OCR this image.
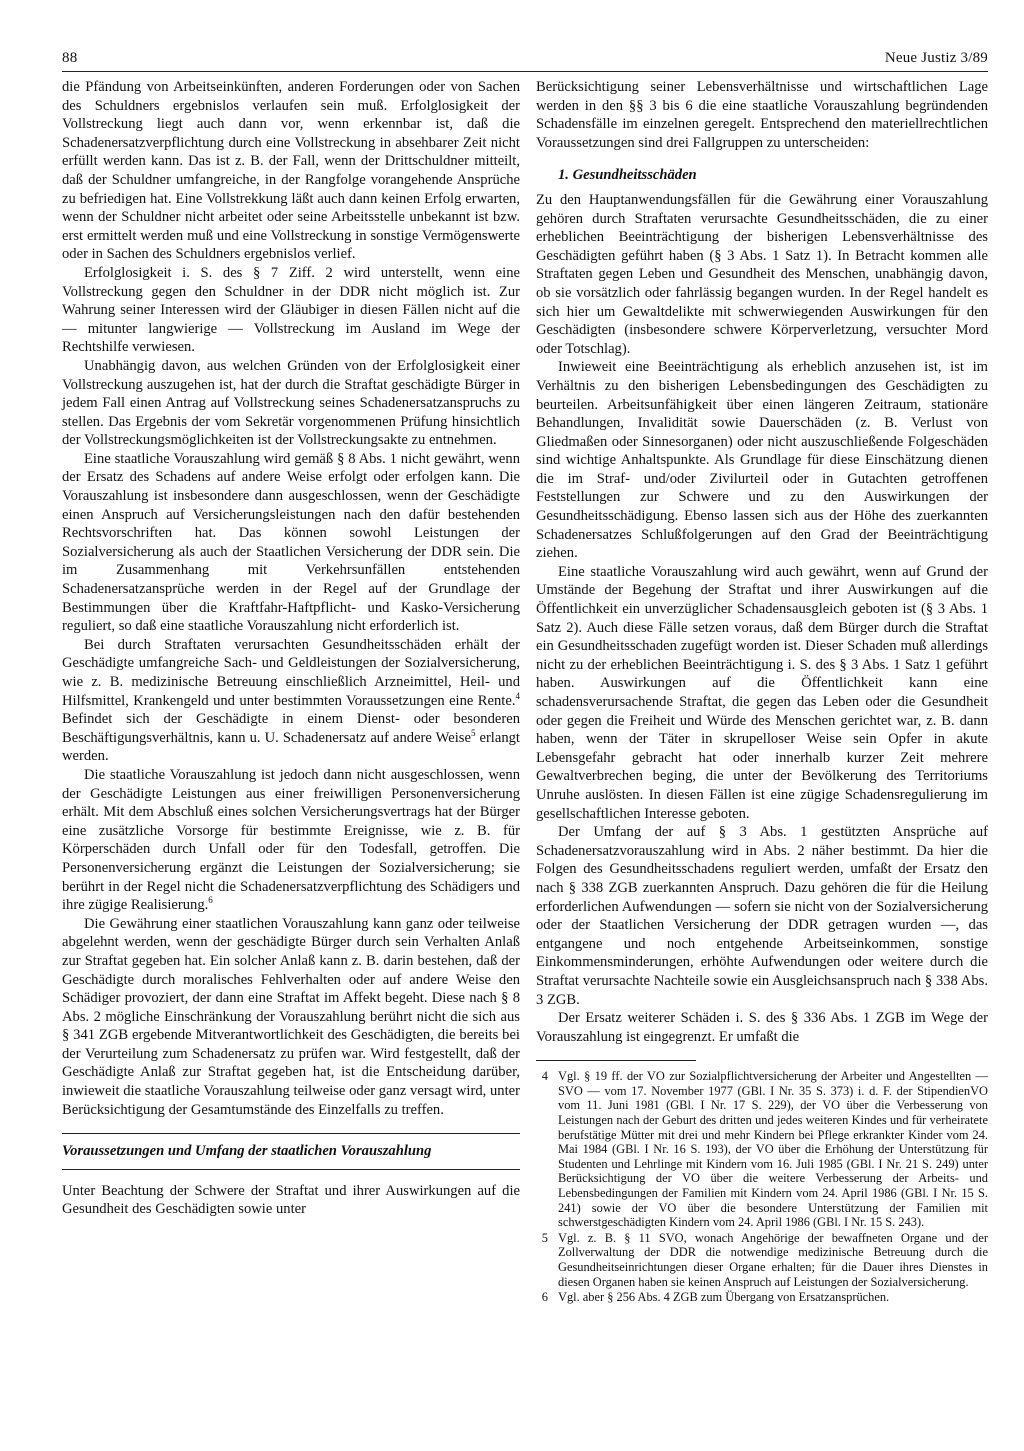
88	Neue Justiz 3/89

die Pfändung von Arbeitseinkünften, anderen Forderungen oder von Sachen des Schuldners ergebnislos verlaufen sein muß. Erfolglosigkeit der Vollstreckung liegt auch dann vor, wenn erkennbar ist, daß die Schadenersatzverpflichtung durch eine Vollstreckung in absehbarer Zeit nicht erfüllt werden kann. Das ist z. B. der Fall, wenn der Drittschuldner mitteilt, daß der Schuldner umfangreiche, in der Rangfolge vorangehende Ansprüche zu befriedigen hat. Eine Vollstrekkung läßt auch dann keinen Erfolg erwarten, wenn der Schuldner nicht arbeitet oder seine Arbeitsstelle unbekannt ist bzw. erst ermittelt werden muß und eine Vollstreckung in sonstige Vermögenswerte oder in Sachen des Schuldners ergebnislos verlief.

Erfolglosigkeit i. S. des § 7 Ziff. 2 wird unterstellt, wenn eine Vollstreckung gegen den Schuldner in der DDR nicht möglich ist. Zur Wahrung seiner Interessen wird der Gläubiger in diesen Fällen nicht auf die — mitunter langwierige — Vollstreckung im Ausland im Wege der Rechtshilfe verwiesen.

Unabhängig davon, aus welchen Gründen von der Erfolglosigkeit einer Vollstreckung auszugehen ist, hat der durch die Straftat geschädigte Bürger in jedem Fall einen Antrag auf Vollstreckung seines Schadenersatzanspruchs zu stellen. Das Ergebnis der vom Sekretär vorgenommenen Prüfung hinsichtlich der Vollstreckungsmöglichkeiten ist der Vollstreckungsakte zu entnehmen.

Eine staatliche Vorauszahlung wird gemäß § 8 Abs. 1 nicht gewährt, wenn der Ersatz des Schadens auf andere Weise erfolgt oder erfolgen kann. Die Vorauszahlung ist insbesondere dann ausgeschlossen, wenn der Geschädigte einen Anspruch auf Versicherungsleistungen nach den dafür bestehenden Rechtsvorschriften hat. Das können sowohl Leistungen der Sozialversicherung als auch der Staatlichen Versicherung der DDR sein. Die im Zusammenhang mit Verkehrsunfällen entstehenden Schadenersatzansprüche werden in der Regel auf der Grundlage der Bestimmungen über die Kraftfahr-Haftpflicht- und Kasko-Versicherung reguliert, so daß eine staatliche Vorauszahlung nicht erforderlich ist.

Bei durch Straftaten verursachten Gesundheitsschäden erhält der Geschädigte umfangreiche Sach- und Geldleistungen der Sozialversicherung, wie z. B. medizinische Betreuung einschließlich Arzneimittel, Heil- und Hilfsmittel, Krankengeld und unter bestimmten Voraussetzungen eine Rente.$^4$ Befindet sich der Geschädigte in einem Dienst- oder besonderen Beschäftigungsverhältnis, kann u. U. Schadenersatz auf andere Weise$^5$ erlangt werden.

Die staatliche Vorauszahlung ist jedoch dann nicht ausgeschlossen, wenn der Geschädigte Leistungen aus einer freiwilligen Personenversicherung erhält. Mit dem Abschluß eines solchen Versicherungsvertrags hat der Bürger eine zusätzliche Vorsorge für bestimmte Ereignisse, wie z. B. für Körperschäden durch Unfall oder für den Todesfall, getroffen. Die Personenversicherung ergänzt die Leistungen der Sozialversicherung; sie berührt in der Regel nicht die Schadenersatzverpflichtung des Schädigers und ihre zügige Realisierung.$^6$

Die Gewährung einer staatlichen Vorauszahlung kann ganz oder teilweise abgelehnt werden, wenn der geschädigte Bürger durch sein Verhalten Anlaß zur Straftat gegeben hat. Ein solcher Anlaß kann z. B. darin bestehen, daß der Geschädigte durch moralisches Fehlverhalten oder auf andere Weise den Schädiger provoziert, der dann eine Straftat im Affekt begeht. Diese nach § 8 Abs. 2 mögliche Einschränkung der Vorauszahlung berührt nicht die sich aus § 341 ZGB ergebende Mitverantwortlichkeit des Geschädigten, die bereits bei der Verurteilung zum Schadenersatz zu prüfen war. Wird festgestellt, daß der Geschädigte Anlaß zur Straftat gegeben hat, ist die Entscheidung darüber, inwieweit die staatliche Vorauszahlung teilweise oder ganz versagt wird, unter Berücksichtigung der Gesamtumstände des Einzelfalls zu treffen.

Voraussetzungen und Umfang der staatlichen Vorauszahlung

Unter Beachtung der Schwere der Straftat und ihrer Auswirkungen auf die Gesundheit des Geschädigten sowie unter

Berücksichtigung seiner Lebensverhältnisse und wirtschaftlichen Lage werden in den §§ 3 bis 6 die eine staatliche Vorauszahlung begründenden Schadensfälle im einzelnen geregelt. Entsprechend den materiellrechtlichen Voraussetzungen sind drei Fallgruppen zu unterscheiden:

1. Gesundheitsschäden

Zu den Hauptanwendungsfällen für die Gewährung einer Vorauszahlung gehören durch Straftaten verursachte Gesundheitsschäden, die zu einer erheblichen Beeinträchtigung der bisherigen Lebensverhältnisse des Geschädigten geführt haben (§ 3 Abs. 1 Satz 1). In Betracht kommen alle Straftaten gegen Leben und Gesundheit des Menschen, unabhängig davon, ob sie vorsätzlich oder fahrlässig begangen wurden. In der Regel handelt es sich hier um Gewaltdelikte mit schwerwiegenden Auswirkungen für den Geschädigten (insbesondere schwere Körperverletzung, versuchter Mord oder Totschlag).

Inwieweit eine Beeinträchtigung als erheblich anzusehen ist, ist im Verhältnis zu den bisherigen Lebensbedingungen des Geschädigten zu beurteilen. Arbeitsunfähigkeit über einen längeren Zeitraum, stationäre Behandlungen, Invalidität sowie Dauerschäden (z. B. Verlust von Gliedmaßen oder Sinnesorganen) oder nicht auszuschließende Folgeschäden sind wichtige Anhaltspunkte. Als Grundlage für diese Einschätzung dienen die im Straf- und/oder Zivilurteil oder in Gutachten getroffenen Feststellungen zur Schwere und zu den Auswirkungen der Gesundheitsschädigung. Ebenso lassen sich aus der Höhe des zuerkannten Schadenersatzes Schlußfolgerungen auf den Grad der Beeinträchtigung ziehen.

Eine staatliche Vorauszahlung wird auch gewährt, wenn auf Grund der Umstände der Begehung der Straftat und ihrer Auswirkungen auf die Öffentlichkeit ein unverzüglicher Schadensausgleich geboten ist (§ 3 Abs. 1 Satz 2). Auch diese Fälle setzen voraus, daß dem Bürger durch die Straftat ein Gesundheitsschaden zugefügt worden ist. Dieser Schaden muß allerdings nicht zu der erheblichen Beeinträchtigung i. S. des § 3 Abs. 1 Satz 1 geführt haben. Auswirkungen auf die Öffentlichkeit kann eine schadensverursachende Straftat, die gegen das Leben oder die Gesundheit oder gegen die Freiheit und Würde des Menschen gerichtet war, z. B. dann haben, wenn der Täter in skrupelloser Weise sein Opfer in akute Lebensgefahr gebracht hat oder innerhalb kurzer Zeit mehrere Gewaltverbrechen beging, die unter der Bevölkerung des Territoriums Unruhe auslösten. In diesen Fällen ist eine zügige Schadensregulierung im gesellschaftlichen Interesse geboten.

Der Umfang der auf § 3 Abs. 1 gestützten Ansprüche auf Schadenersatzvorauszahlung wird in Abs. 2 näher bestimmt. Da hier die Folgen des Gesundheitsschadens reguliert werden, umfaßt der Ersatz den nach § 338 ZGB zuerkannten Anspruch. Dazu gehören die für die Heilung erforderlichen Aufwendungen — sofern sie nicht von der Sozialversicherung oder der Staatlichen Versicherung der DDR getragen wurden —, das entgangene und noch entgehende Arbeitseinkommen, sonstige Einkommensminderungen, erhöhte Aufwendungen oder weitere durch die Straftat verursachte Nachteile sowie ein Ausgleichsanspruch nach § 338 Abs. 3 ZGB.

Der Ersatz weiterer Schäden i. S. des § 336 Abs. 1 ZGB im Wege der Vorauszahlung ist eingegrenzt. Er umfaßt die

4 Vgl. § 19 ff. der VO zur Sozialpflichtversicherung der Arbeiter und Angestellten — SVO — vom 17. November 1977 (GBl. I Nr. 35 S. 373) i. d. F. der StipendienVO vom 11. Juni 1981 (GBl. I Nr. 17 S. 229), der VO über die Verbesserung von Leistungen nach der Geburt des dritten und jedes weiteren Kindes und für verheiratete berufstätige Mütter mit drei und mehr Kindern bei Pflege erkrankter Kinder vom 24. Mai 1984 (GBl. I Nr. 16 S. 193), der VO über die Erhöhung der Unterstützung für Studenten und Lehrlinge mit Kindern vom 16. Juli 1985 (GBl. I Nr. 21 S. 249) unter Berücksichtigung der VO über die weitere Verbesserung der Arbeits- und Lebensbedingungen der Familien mit Kindern vom 24. April 1986 (GBl. I Nr. 15 S. 241) sowie der VO über die besondere Unterstützung der Familien mit schwerstgeschädigten Kindern vom 24. April 1986 (GBl. I Nr. 15 S. 243).
5 Vgl. z. B. § 11 SVO, wonach Angehörige der bewaffneten Organe und der Zollverwaltung der DDR die notwendige medizinische Betreuung durch die Gesundheitseinrichtungen dieser Organe erhalten; für die Dauer ihres Dienstes in diesen Organen haben sie keinen Anspruch auf Leistungen der Sozialversicherung.
6 Vgl. aber § 256 Abs. 4 ZGB zum Übergang von Ersatzansprüchen.
